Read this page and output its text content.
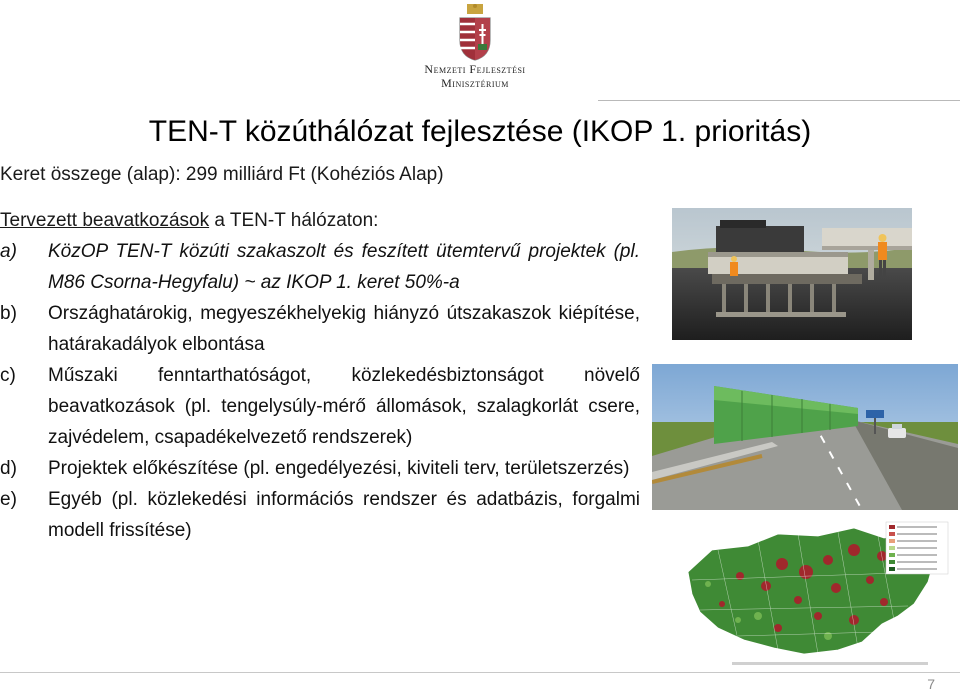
Nemzeti Fejlesztési
Minisztérium
TEN-T közúthálózat fejlesztése (IKOP 1. prioritás)
Keret összege (alap): 299 milliárd Ft (Kohéziós Alap)
Tervezett beavatkozások a TEN-T hálózaton:
a)	KözOP TEN-T közúti szakaszolt és feszített ütemtervű projektek (pl. M86 Csorna-Hegyfalu) ~ az IKOP 1. keret 50%-a
b)	Országhatárokig, megyeszékhelyekig hiányzó útszakaszok kiépítése, határakadályok elbontása
c)	Műszaki fenntarthatóságot, közlekedésbiztonságot növelő beavatkozások (pl. tengelysúly-mérő állomások, szalagkorlát csere, zajvédelem, csapadékelvezető rendszerek)
d)	Projektek előkészítése (pl. engedélyezési, kiviteli terv, területszerzés)
e)	Egyéb (pl. közlekedési információs rendszer és adatbázis, forgalmi modell frissítése)
7
